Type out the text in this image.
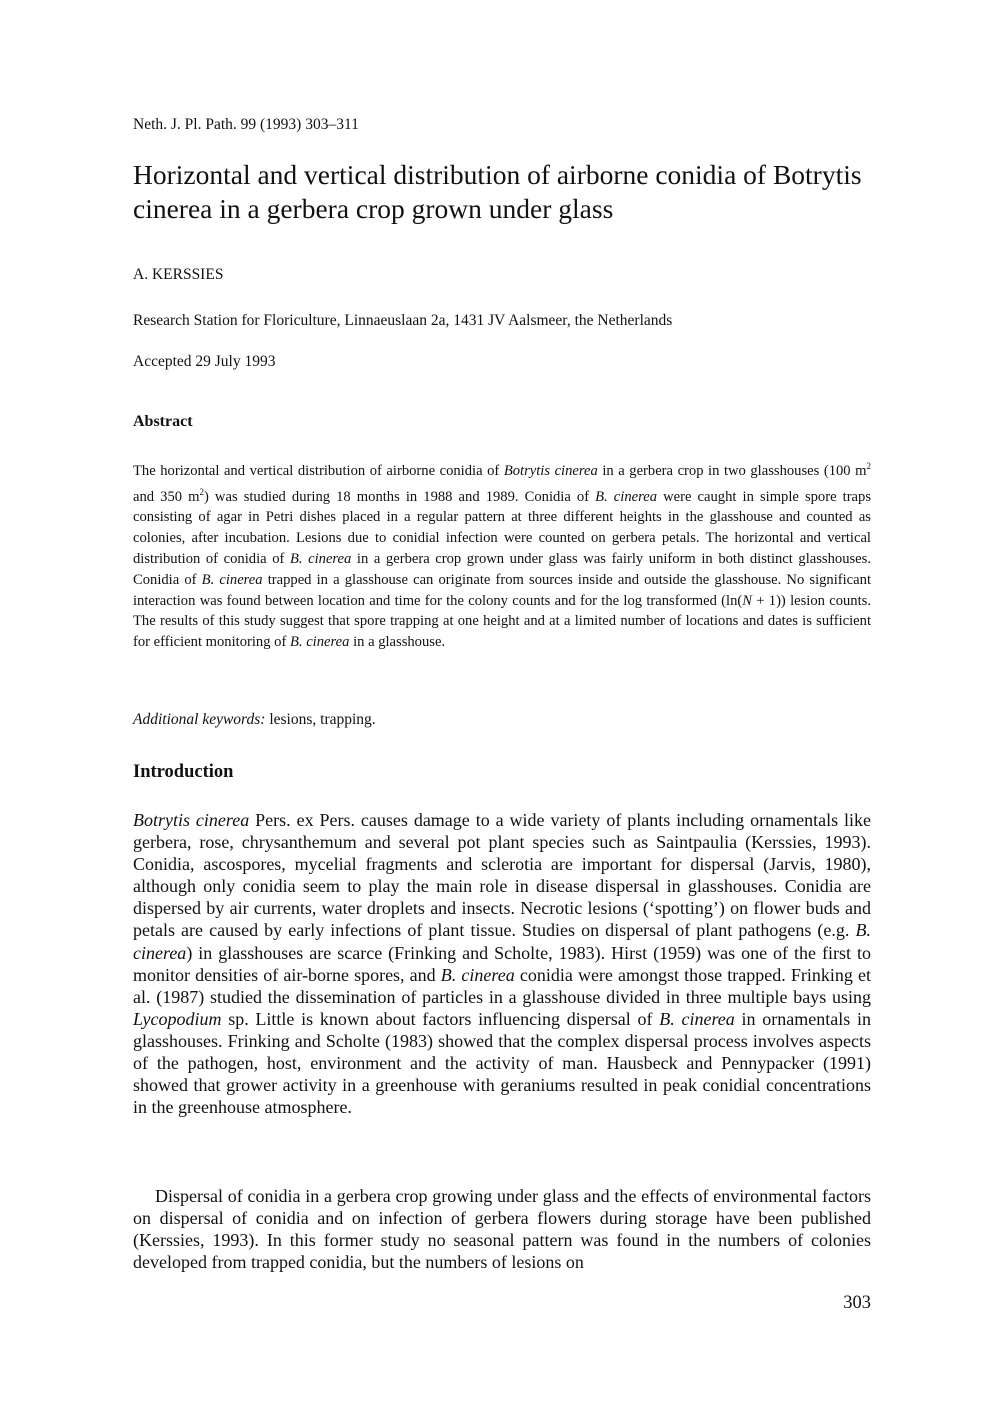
Neth. J. Pl. Path. 99 (1993) 303–311
Horizontal and vertical distribution of airborne conidia of Botrytis cinerea in a gerbera crop grown under glass
A. KERSSIES
Research Station for Floriculture, Linnaeuslaan 2a, 1431 JV Aalsmeer, the Netherlands
Accepted 29 July 1993
Abstract

The horizontal and vertical distribution of airborne conidia of Botrytis cinerea in a gerbera crop in two glasshouses (100 $m^2$ and 350 $m^2$) was studied during 18 months in 1988 and 1989. Conidia of B. cinerea were caught in simple spore traps consisting of agar in Petri dishes placed in a regular pattern at three different heights in the glasshouse and counted as colonies, after incubation. Lesions due to conidial infection were counted on gerbera petals. The horizontal and vertical distribution of conidia of B. cinerea in a gerbera crop grown under glass was fairly uniform in both distinct glasshouses. Conidia of B. cinerea trapped in a glasshouse can originate from sources inside and outside the glasshouse. No significant interaction was found between location and time for the colony counts and for the log transformed (ln(N + 1)) lesion counts. The results of this study suggest that spore trapping at one height and at a limited number of locations and dates is sufficient for efficient monitoring of B. cinerea in a glasshouse.

Additional keywords: lesions, trapping.
Introduction

Botrytis cinerea Pers. ex Pers. causes damage to a wide variety of plants including ornamentals like gerbera, rose, chrysanthemum and several pot plant species such as Saintpaulia (Kerssies, 1993). Conidia, ascospores, mycelial fragments and sclerotia are important for dispersal (Jarvis, 1980), although only conidia seem to play the main role in disease dispersal in glasshouses. Conidia are dispersed by air currents, water droplets and insects. Necrotic lesions (‘spotting’) on flower buds and petals are caused by early infections of plant tissue. Studies on dispersal of plant pathogens (e.g. B. cinerea) in glasshouses are scarce (Frinking and Scholte, 1983). Hirst (1959) was one of the first to monitor densities of air-borne spores, and B. cinerea conidia were amongst those trapped. Frinking et al. (1987) studied the dissemination of particles in a glasshouse divided in three multiple bays using Lycopodium sp. Little is known about factors influencing dispersal of B. cinerea in ornamentals in glasshouses. Frinking and Scholte (1983) showed that the complex dispersal process involves aspects of the pathogen, host, environment and the activity of man. Hausbeck and Pennypacker (1991) showed that grower activity in a greenhouse with geraniums resulted in peak conidial concentrations in the greenhouse atmosphere.

Dispersal of conidia in a gerbera crop growing under glass and the effects of environmental factors on dispersal of conidia and on infection of gerbera flowers during storage have been published (Kerssies, 1993). In this former study no seasonal pattern was found in the numbers of colonies developed from trapped conidia, but the numbers of lesions on

303
